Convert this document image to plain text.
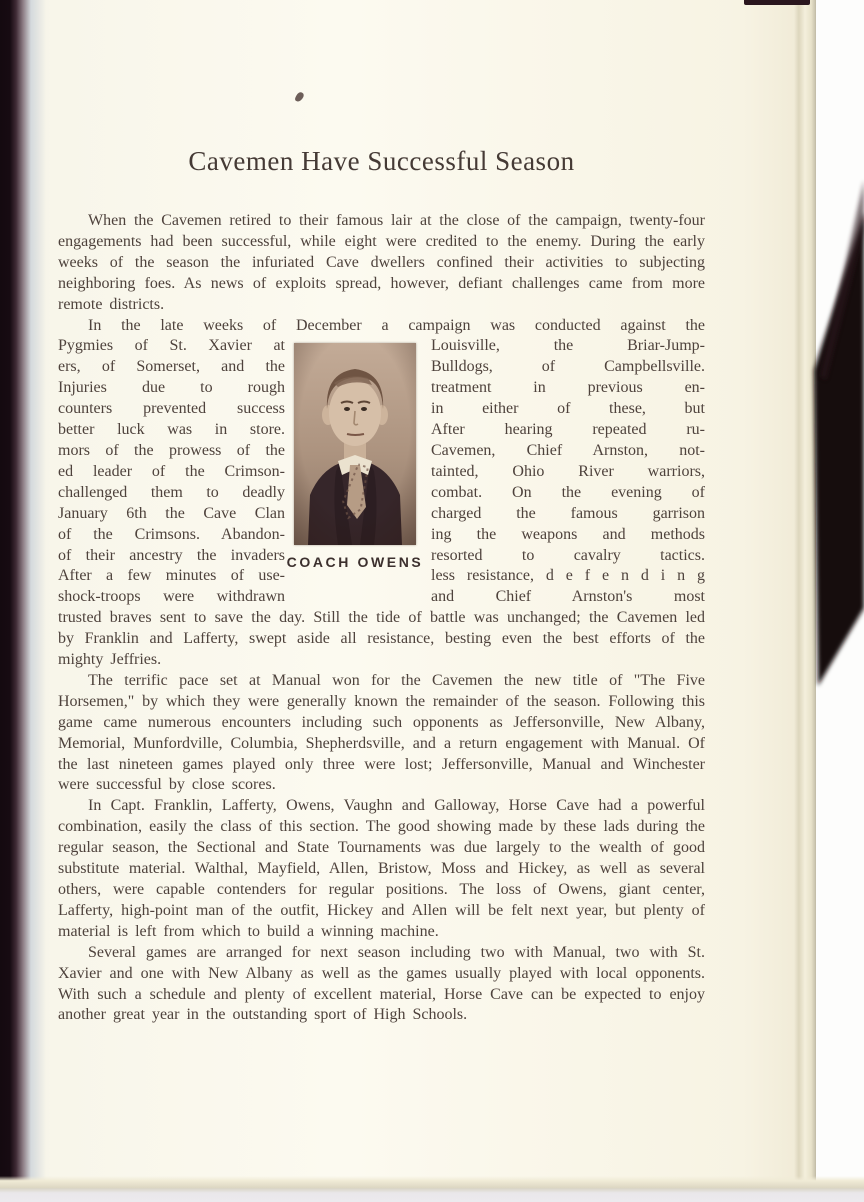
Cavemen Have Successful Season

When the Cavemen retired to their famous lair at the close of the campaign, twenty-four engagements had been successful, while eight were credited to the enemy. During the early weeks of the season the infuriated Cave dwellers confined their activities to subjecting neighboring foes. As news of exploits spread, however, defiant challenges came from more remote districts.

In the late weeks of December a campaign was conducted against the

Pygmies of St. Xavier at
ers, of Somerset, and the
Injuries due to rough
counters prevented success
better luck was in store.
mors of the prowess of the
ed leader of the Crimson-
challenged them to deadly
January 6th the Cave Clan
of the Crimsons. Abandon-
of their ancestry the invaders
After a few minutes of use-
shock-troops were withdrawn
COACH OWENS
Louisville, the Briar-Jump-
Bulldogs, of Campbellsville.
treatment in previous en-
in either of these, but
After hearing repeated ru-
Cavemen, Chief Arnston, not-
tainted, Ohio River warriors,
combat. On the evening of
charged the famous garrison
ing the weapons and methods
resorted to cavalry tactics.
less resistance, d e f e n d i n g
and Chief Arnston's most

trusted braves sent to save the day. Still the tide of battle was unchanged; the Cavemen led by Franklin and Lafferty, swept aside all resistance, besting even the best efforts of the mighty Jeffries.

The terrific pace set at Manual won for the Cavemen the new title of "The Five Horsemen," by which they were generally known the remainder of the season. Following this game came numerous encounters including such opponents as Jeffersonville, New Albany, Memorial, Munfordville, Columbia, Shepherdsville, and a return engagement with Manual. Of the last nineteen games played only three were lost; Jeffersonville, Manual and Winchester were successful by close scores.

In Capt. Franklin, Lafferty, Owens, Vaughn and Galloway, Horse Cave had a powerful combination, easily the class of this section. The good showing made by these lads during the regular season, the Sectional and State Tournaments was due largely to the wealth of good substitute material. Walthal, Mayfield, Allen, Bristow, Moss and Hickey, as well as several others, were capable contenders for regular positions. The loss of Owens, giant center, Lafferty, high-point man of the outfit, Hickey and Allen will be felt next year, but plenty of material is left from which to build a winning machine.

Several games are arranged for next season including two with Manual, two with St. Xavier and one with New Albany as well as the games usually played with local opponents. With such a schedule and plenty of excellent material, Horse Cave can be expected to enjoy another great year in the outstanding sport of High Schools.
